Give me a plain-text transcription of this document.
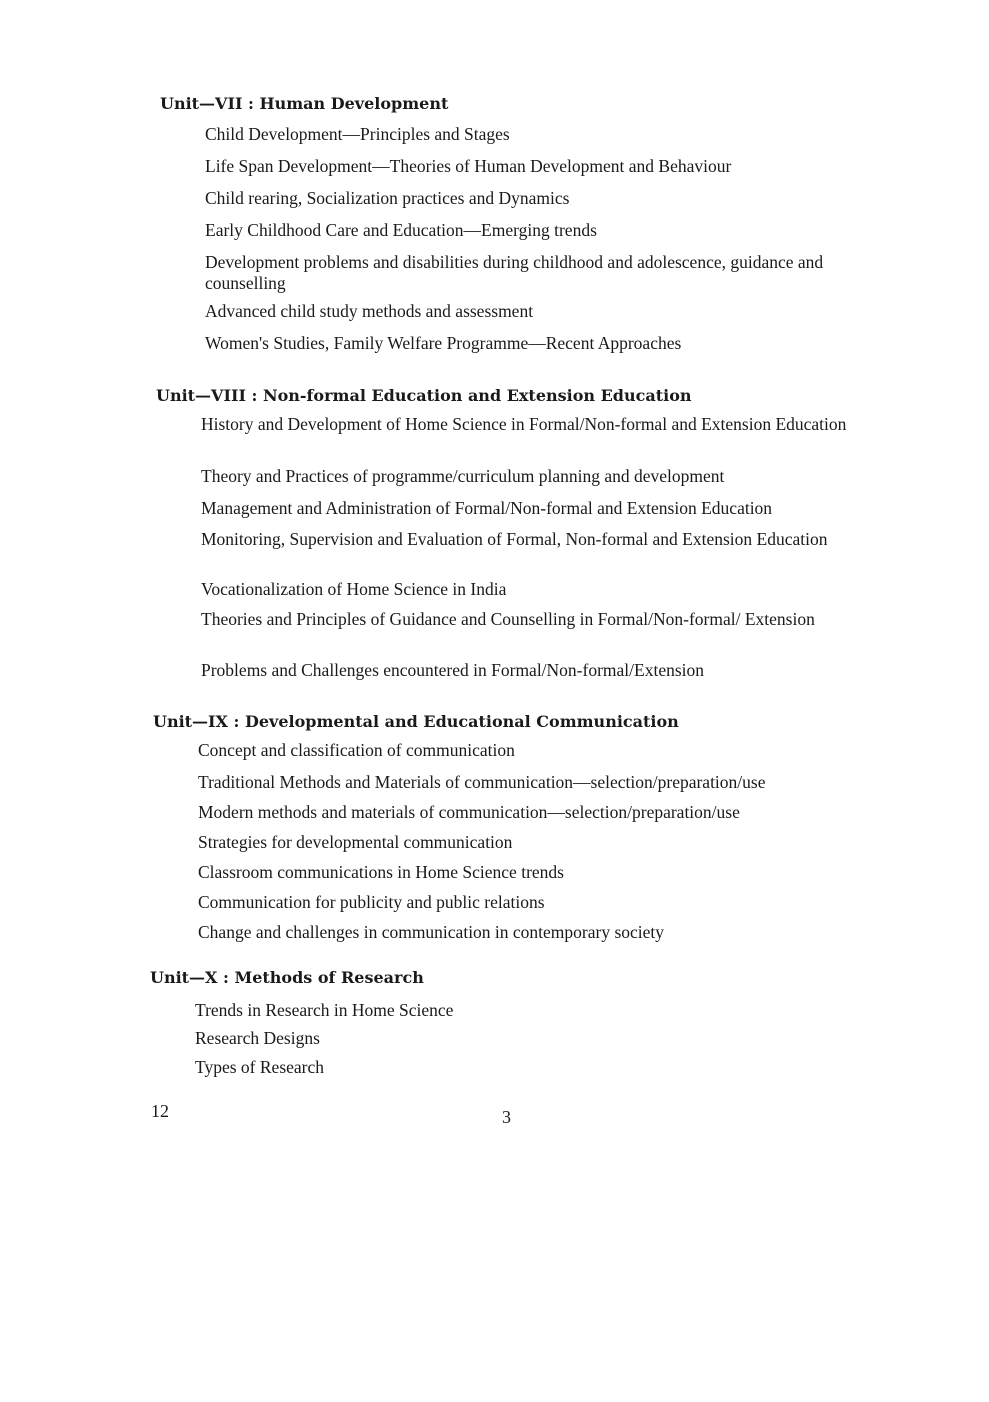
Unit—VII : Human Development
Child Development—Principles and Stages
Life Span Development—Theories of Human Development and Behaviour
Child rearing, Socialization practices and Dynamics
Early Childhood Care and Education—Emerging trends
Development problems and disabilities during childhood and adolescence, guidance and counselling
Advanced child study methods and assessment
Women's Studies, Family Welfare Programme—Recent Approaches
Unit—VIII : Non-formal Education and Extension Education
History and Development of Home Science in Formal/Non-formal and Extension Education
Theory and Practices of programme/curriculum planning and development
Management and Administration of Formal/Non-formal and Extension Education
Monitoring, Supervision and Evaluation of Formal, Non-formal and Extension Education
Vocationalization of Home Science in India
Theories and Principles of Guidance and Counselling in Formal/Non-formal/ Extension
Problems and Challenges encountered in Formal/Non-formal/Extension
Unit—IX : Developmental and Educational Communication
Concept and classification of communication
Traditional Methods and Materials of communication—selection/preparation/use
Modern methods and materials of communication—selection/preparation/use
Strategies for developmental communication
Classroom communications in Home Science trends
Communication for publicity and public relations
Change and challenges in communication in contemporary society
Unit—X : Methods of Research
Trends in Research in Home Science
Research Designs
Types of Research
12	3
